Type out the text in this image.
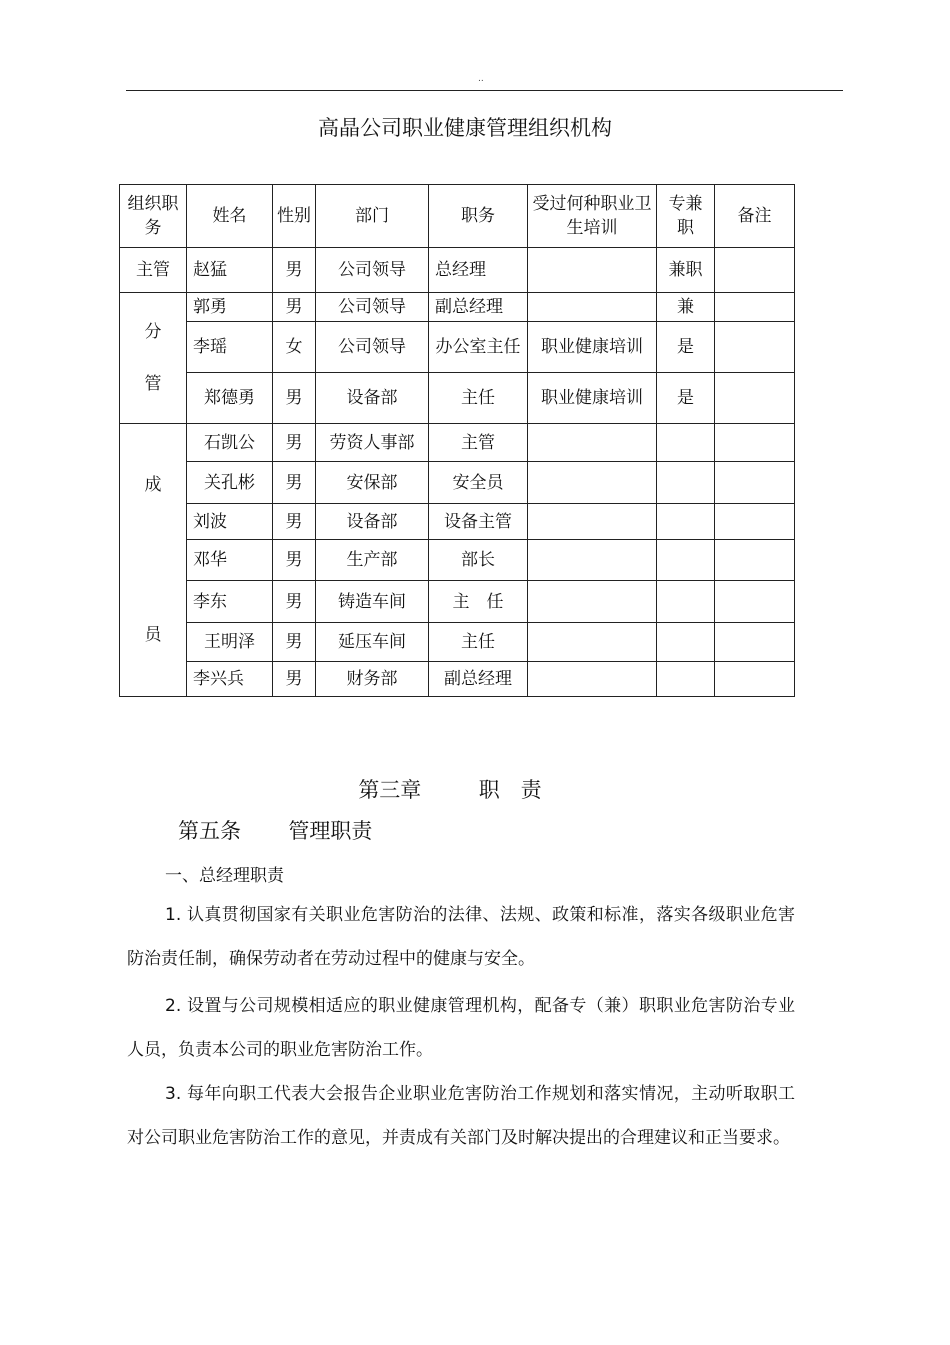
..
高晶公司职业健康管理组织机构
组织职务	姓名	性别	部门	职务	受过何种职业卫生培训	专兼职	备注

主管	赵猛	男	公司领导	总经理		兼职	

分
管	郭勇	男	公司领导	副总经理		兼	
	李瑶	女	公司领导	办公室主任	职业健康培训	是	
	郑德勇	男	设备部	主任	职业健康培训	是	

成
员	石凯公	男	劳资人事部	主管			
	关孔彬	男	安保部	安全员			
	刘波	男	设备部	设备主管			
	邓华	男	生产部	部长			
	李东	男	铸造车间	主　任			
	王明泽	男	延压车间	主任			
	李兴兵	男	财务部	副总经理			
第三章	职　责
第五条 管理职责
一、总经理职责
1. 认真贯彻国家有关职业危害防治的法律、法规、政策和标准，落实各级职业危害防治责任制，确保劳动者在劳动过程中的健康与安全。
2. 设置与公司规模相适应的职业健康管理机构，配备专（兼）职职业危害防治专业人员，负责本公司的职业危害防治工作。
3. 每年向职工代表大会报告企业职业危害防治工作规划和落实情况，主动听取职工对公司职业危害防治工作的意见，并责成有关部门及时解决提出的合理建议和正当要求。
